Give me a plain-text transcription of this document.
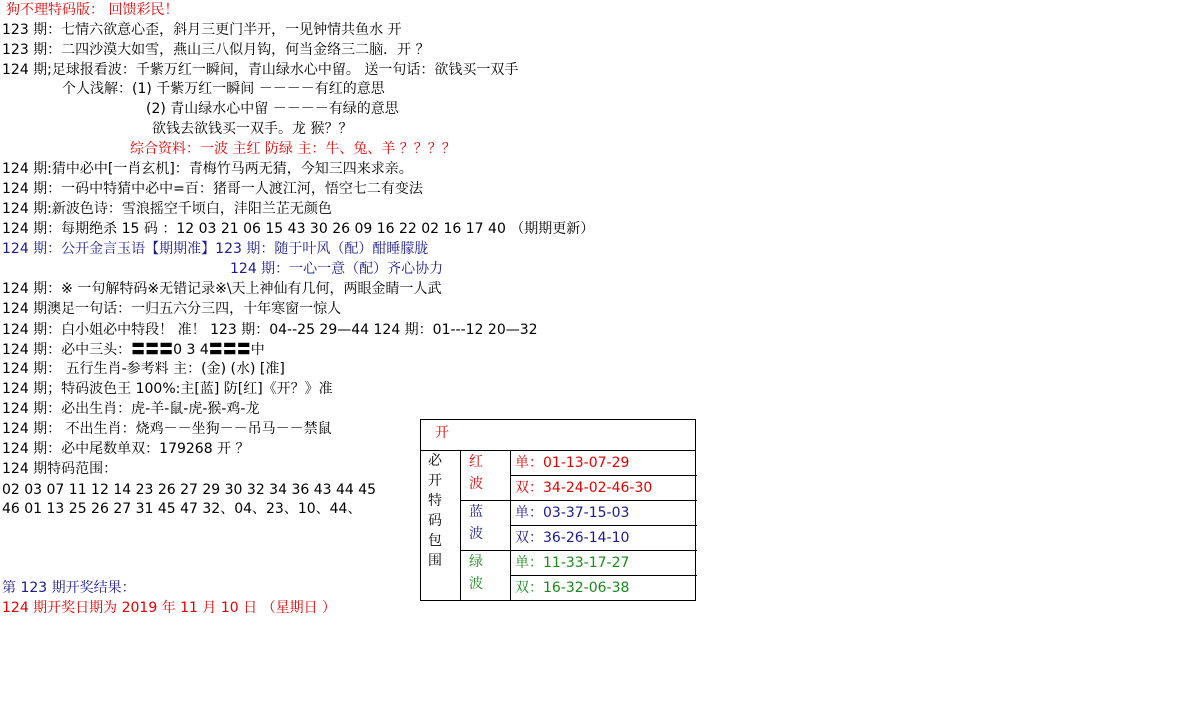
狗不理特码版： 回馈彩民！
123 期：七情六欲意心歪，斜月三更门半开，一见钟情共鱼水 开
123 期：二四沙漠大如雪，燕山三八似月钩，何当金络三二脑．开 ？
124 期;足球报看波：千紫万红一瞬间，青山绿水心中留。 送一句话：欲钱买一双手
个人浅解：(1) 千紫万红一瞬间 －－－－有红的意思
(2) 青山绿水心中留 －－－－有绿的意思
欲钱去欲钱买一双手。龙 猴？？
综合资料：一波 主红 防绿 主：牛、兔、羊 ？？？？
124 期:猜中必中[一肖玄机]：青梅竹马两无猜，今知三四来求亲。
124 期：一码中特猜中必中=百：猪哥一人渡江河，悟空七二有变法
124 期:新波色诗：雪浪摇空千顷白，沣阳兰芷无颜色
124 期：每期绝杀 15 码 ：12 03 21 06 15 43 30 26 09 16 22 02 16 17 40 （期期更新）
124 期：公开金言玉语【期期准】123 期：随于叶风（配）酣睡朦胧
124 期：一心一意（配）齐心协力
124 期：※ 一句解特码※无错记录※\天上神仙有几何，两眼金睛一人武
124 期澳足一句话：一归五六分三四，十年寒窗一惊人
124 期：白小姐必中特段！ 准！ 123 期：04--25 29—44 124 期：01---12 20—32
124 期：必中三头：〓〓〓0 3 4〓〓〓中
124 期： 五行生肖-参考料 主：(金) (水) [准]
124 期；特码波色王 100%:主[蓝] 防[红]《开？》准
124 期：必出生肖：虎-羊-鼠-虎-猴-鸡-龙
124 期： 不出生肖：烧鸡－－坐狗－－吊马－－禁鼠
124 期：必中尾数单双：179268 开 ？
124 期特码范围：
02 03 07 11 12 14 23 26 27 29 30 32 34 36 43 44 45
46 01 13 25 26 27 31 45 47 32、04、23、10、44、
第 123 期开奖结果：
124 期开奖日期为 2019 年 11 月 10 日 （星期日 ）
开
必开特码包围
红波
单：01-13-07-29
双：34-24-02-46-30
蓝波
单：03-37-15-03
双：36-26-14-10
绿波
单：11-33-17-27
双：16-32-06-38
